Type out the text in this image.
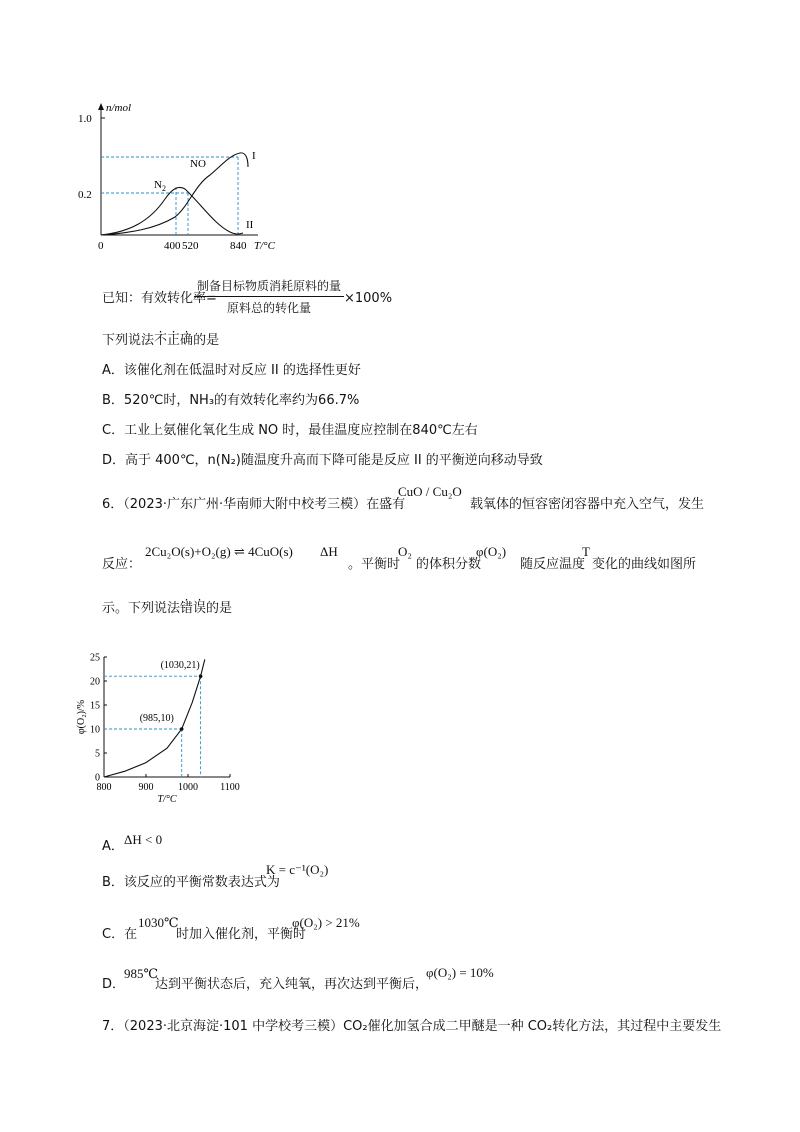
n/mol
1.0
0.2
0	400 520	840 T/°C
NO
$N_2$
I
II
已知：有效转化率=
制备目标物质消耗原料的量
原料总的转化量
×100%
下列说法不正确的是
A．该催化剂在低温时对反应 II 的选择性更好
B．520℃时，NH₃的有效转化率约为66.7%
C．工业上氨催化氧化生成 NO 时，最佳温度应控制在840℃左右
D．高于 400℃，n(N₂)随温度升高而下降可能是反应 II 的平衡逆向移动导致
6．（2023·广东广州·华南师大附中校考三模）在盛有
CuO / Cu₂O
载氧体的恒容密闭容器中充入空气，发生
反应：
2Cu₂O(s)+O₂(g) ⇌ 4CuO(s) ΔH
。平衡时
O₂
的体积分数
φ(O₂)
随反应温度
T
变化的曲线如图所
示。下列说法错误的是
800	900 1000 1100
0
5
10
15
20
25
T/°C
φ(O₂)/%	(985,10)
(1030,21)
A． ΔH < 0
B．该反应的平衡常数表达式为
K = c⁻¹(O₂)
C．在
1030℃
时加入催化剂，平衡时
φ(O₂) > 21%
D．
985℃
达到平衡状态后，充入纯氧，再次达到平衡后，
φ(O₂) = 10%
7．（2023·北京海淀·101 中学校考三模）CO₂催化加氢合成二甲醚是一种 CO₂转化方法，其过程中主要发生
